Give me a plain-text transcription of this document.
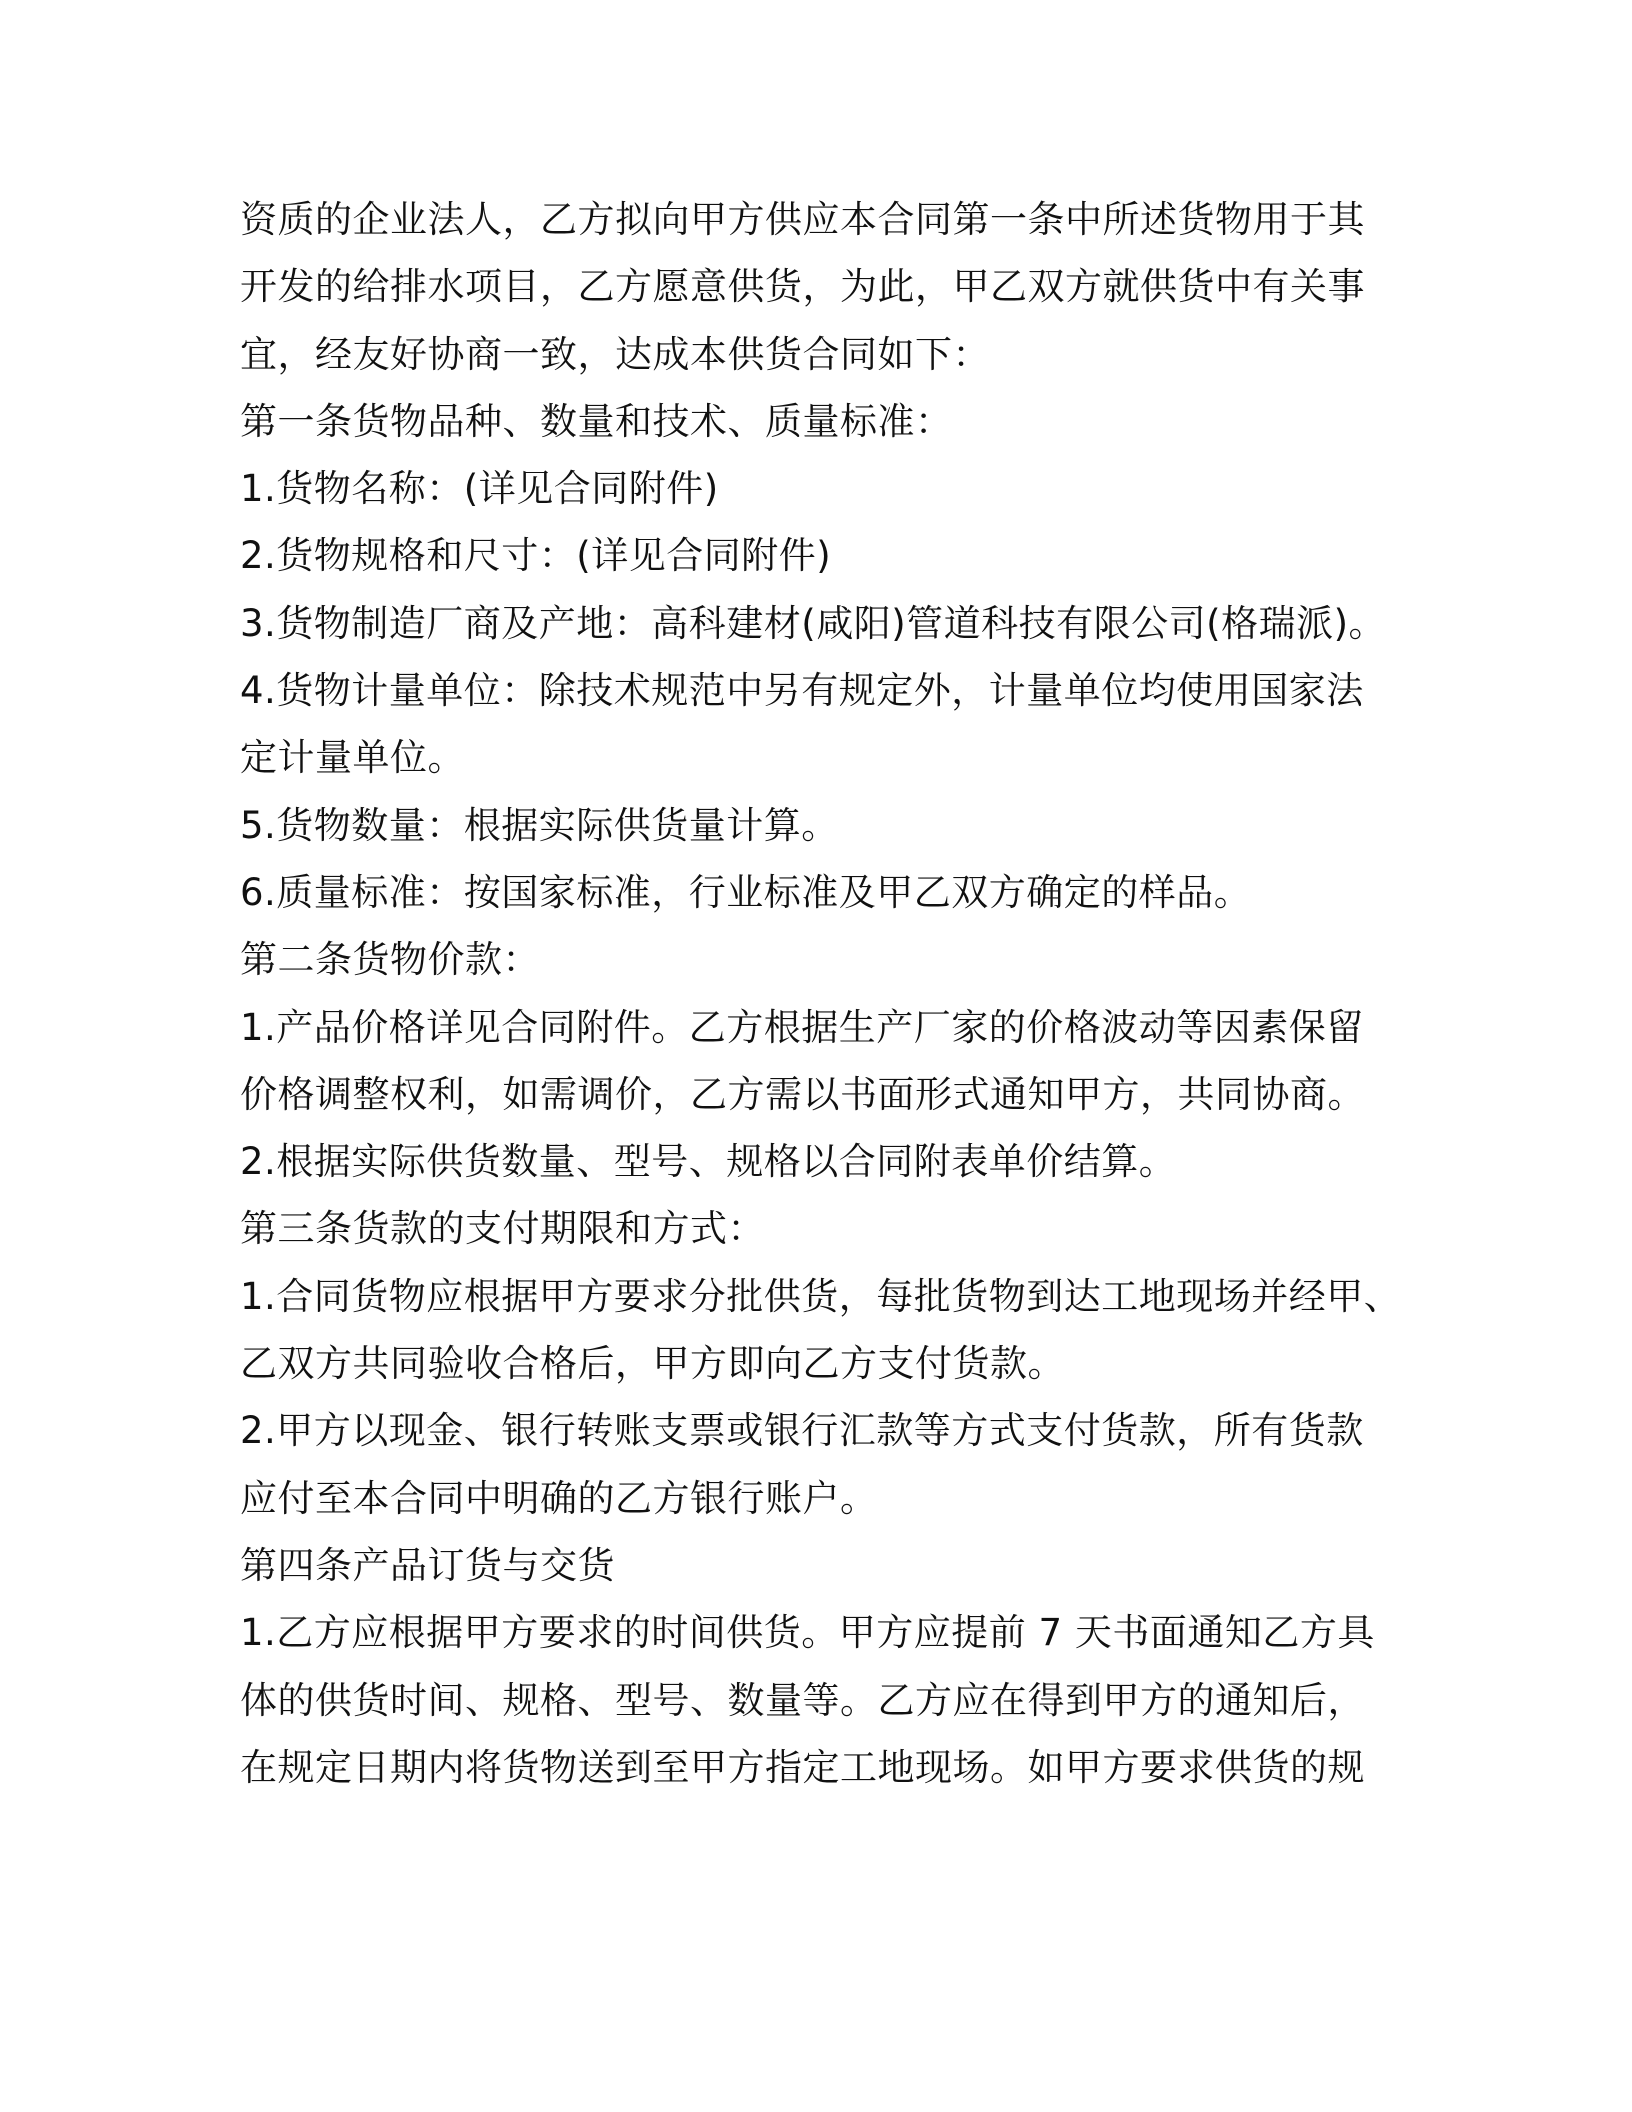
资质的企业法人，乙方拟向甲方供应本合同第一条中所述货物用于其
开发的给排水项目，乙方愿意供货，为此，甲乙双方就供货中有关事
宜，经友好协商一致，达成本供货合同如下：
第一条货物品种、数量和技术、质量标准：
1.货物名称：(详见合同附件)
2.货物规格和尺寸：(详见合同附件)
3.货物制造厂商及产地：高科建材(咸阳)管道科技有限公司(格瑞派)。
4.货物计量单位：除技术规范中另有规定外，计量单位均使用国家法
定计量单位。
5.货物数量：根据实际供货量计算。
6.质量标准：按国家标准，行业标准及甲乙双方确定的样品。
第二条货物价款：
1.产品价格详见合同附件。乙方根据生产厂家的价格波动等因素保留
价格调整权利，如需调价，乙方需以书面形式通知甲方，共同协商。
2.根据实际供货数量、型号、规格以合同附表单价结算。
第三条货款的支付期限和方式：
1.合同货物应根据甲方要求分批供货，每批货物到达工地现场并经甲、
乙双方共同验收合格后，甲方即向乙方支付货款。
2.甲方以现金、银行转账支票或银行汇款等方式支付货款，所有货款
应付至本合同中明确的乙方银行账户。
第四条产品订货与交货
1.乙方应根据甲方要求的时间供货。甲方应提前 7 天书面通知乙方具
体的供货时间、规格、型号、数量等。乙方应在得到甲方的通知后，
在规定日期内将货物送到至甲方指定工地现场。如甲方要求供货的规
